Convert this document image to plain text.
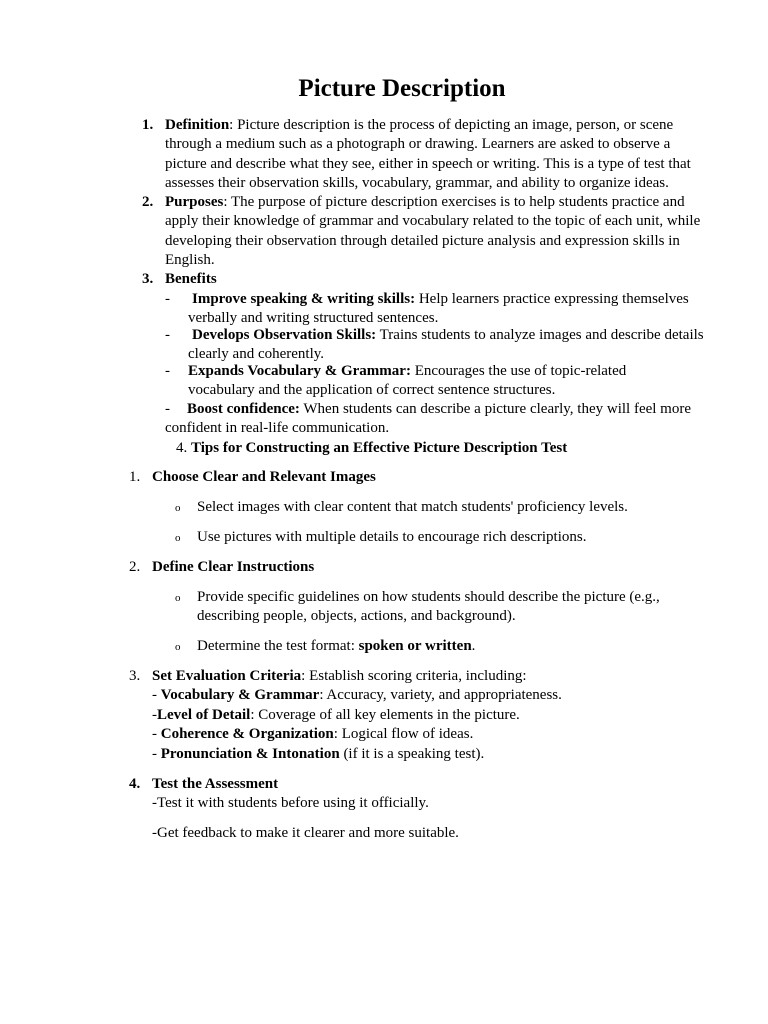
Picture Description
1. Definition: Picture description is the process of depicting an image, person, or scene through a medium such as a photograph or drawing. Learners are asked to observe a picture and describe what they see, either in speech or writing. This is a type of test that assesses their observation skills, vocabulary, grammar, and ability to organize ideas.
2. Purposes: The purpose of picture description exercises is to help students practice and apply their knowledge of grammar and vocabulary related to the topic of each unit, while developing their observation through detailed picture analysis and expression skills in English.
3. Benefits
- Improve speaking & writing skills: Help learners practice expressing themselves verbally and writing structured sentences.
- Develops Observation Skills: Trains students to analyze images and describe details clearly and coherently.
- Expands Vocabulary & Grammar: Encourages the use of topic-related vocabulary and the application of correct sentence structures.
- Boost confidence: When students can describe a picture clearly, they will feel more confident in real-life communication.
4. Tips for Constructing an Effective Picture Description Test
1. Choose Clear and Relevant Images
o Select images with clear content that match students' proficiency levels.
o Use pictures with multiple details to encourage rich descriptions.
2. Define Clear Instructions
o Provide specific guidelines on how students should describe the picture (e.g., describing people, objects, actions, and background).
o Determine the test format: spoken or written.
3. Set Evaluation Criteria: Establish scoring criteria, including:
- Vocabulary & Grammar: Accuracy, variety, and appropriateness.
-Level of Detail: Coverage of all key elements in the picture.
- Coherence & Organization: Logical flow of ideas.
- Pronunciation & Intonation (if it is a speaking test).
4. Test the Assessment
-Test it with students before using it officially.
-Get feedback to make it clearer and more suitable.
